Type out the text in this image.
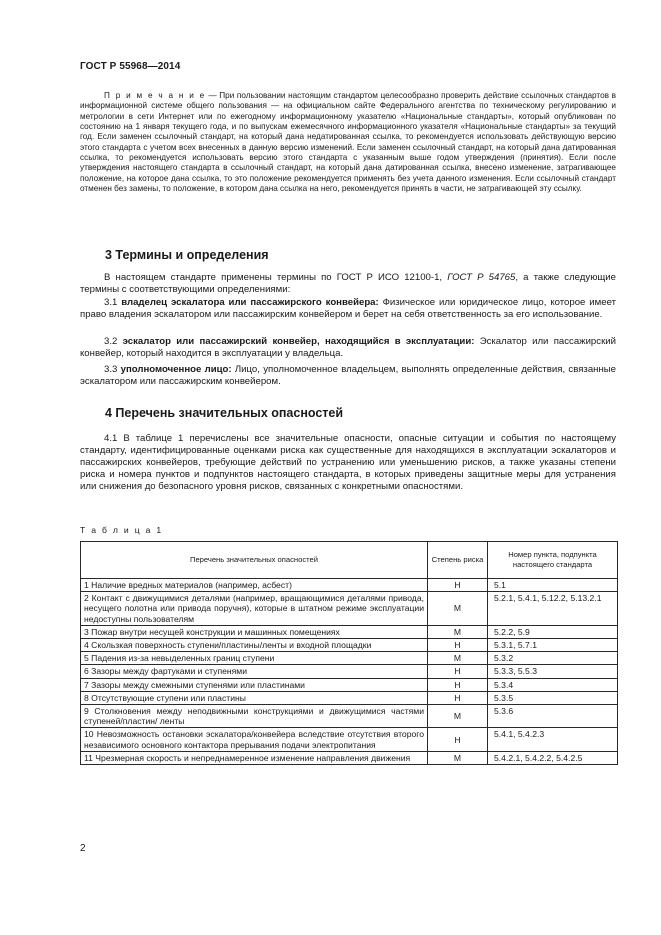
ГОСТ Р 55968—2014

П р и м е ч а н и е — При пользовании настоящим стандартом целесообразно проверить действие ссылочных стандартов в информационной системе общего пользования — на официальном сайте Федерального агентства по техническому регулированию и метрологии в сети Интернет или по ежегодному информационному указателю «Национальные стандарты», который опубликован по состоянию на 1 января текущего года, и по выпускам ежемесячного информационного указателя «Национальные стандарты» за текущий год. Если заменен ссылочный стандарт, на который дана недатированная ссылка, то рекомендуется использовать действующую версию этого стандарта с учетом всех внесенных в данную версию изменений. Если заменен ссылочный стандарт, на который дана датированная ссылка, то рекомендуется использовать версию этого стандарта с указанным выше годом утверждения (принятия). Если после утверждения настоящего стандарта в ссылочный стандарт, на который дана датированная ссылка, внесено изменение, затрагивающее положение, на которое дана ссылка, то это положение рекомендуется применять без учета данного изменения. Если ссылочный стандарт отменен без замены, то положение, в котором дана ссылка на него, рекомендуется принять в части, не затрагивающей эту ссылку.

3 Термины и определения

В настоящем стандарте применены термины по ГОСТ Р ИСО 12100-1, ГОСТ Р 54765, а также следующие термины с соответствующими определениями:

3.1 владелец эскалатора или пассажирского конвейера: Физическое или юридическое лицо, которое имеет право владения эскалатором или пассажирским конвейером и берет на себя ответственность за его использование.

3.2 эскалатор или пассажирский конвейер, находящийся в эксплуатации: Эскалатор или пассажирский конвейер, который находится в эксплуатации у владельца.

3.3 уполномоченное лицо: Лицо, уполномоченное владельцем, выполнять определенные действия, связанные эскалатором или пассажирским конвейером.

4 Перечень значительных опасностей

4.1 В таблице 1 перечислены все значительные опасности, опасные ситуации и события по настоящему стандарту, идентифицированные оценками риска как существенные для находящихся в эксплуатации эскалаторов и пассажирских конвейеров, требующие действий по устранению или уменьшению рисков, а также указаны степени риска и номера пунктов и подпунктов настоящего стандарта, в которых приведены защитные меры для устранения или снижения до безопасного уровня рисков, связанных с конкретными опасностями.

Т а б л и ц а 1
Перечень значительных опасностей	Степень риска	Номер пункта, подпункта настоящего стандарта
1 Наличие вредных материалов (например, асбест)	Н	5.1
2 Контакт с движущимися деталями (например, вращающимися деталями привода, несущего полотна или привода поручня), которые в штатном режиме эксплуатации недоступны пользователям	М	5.2.1, 5.4.1, 5.12.2, 5.13.2.1
3 Пожар внутри несущей конструкции и машинных помещениях	М	5.2.2, 5.9
4 Скользкая поверхность ступени/пластины/ленты и входной площадки	Н	5.3.1, 5.7.1
5 Падения из-за невыделенных границ ступени	М	5.3.2
6 Зазоры между фартуками и ступенями	Н	5.3.3, 5.5.3
7 Зазоры между смежными ступенями или пластинами	Н	5.3.4
8 Отсутствующие ступени или пластины	Н	5.3.5
9 Столкновения между неподвижными конструкциями и движущимися частями ступеней/пластин/ ленты	М	5.3.6
10 Невозможность остановки эскалатора/конвейера вследствие отсутствия второго независимого основного контактора прерывания подачи электропитания	Н	5.4.1, 5.4.2.3
11 Чрезмерная скорость и непреднамеренное изменение направления движения	М	5.4.2.1, 5.4.2.2, 5.4.2.5
2
